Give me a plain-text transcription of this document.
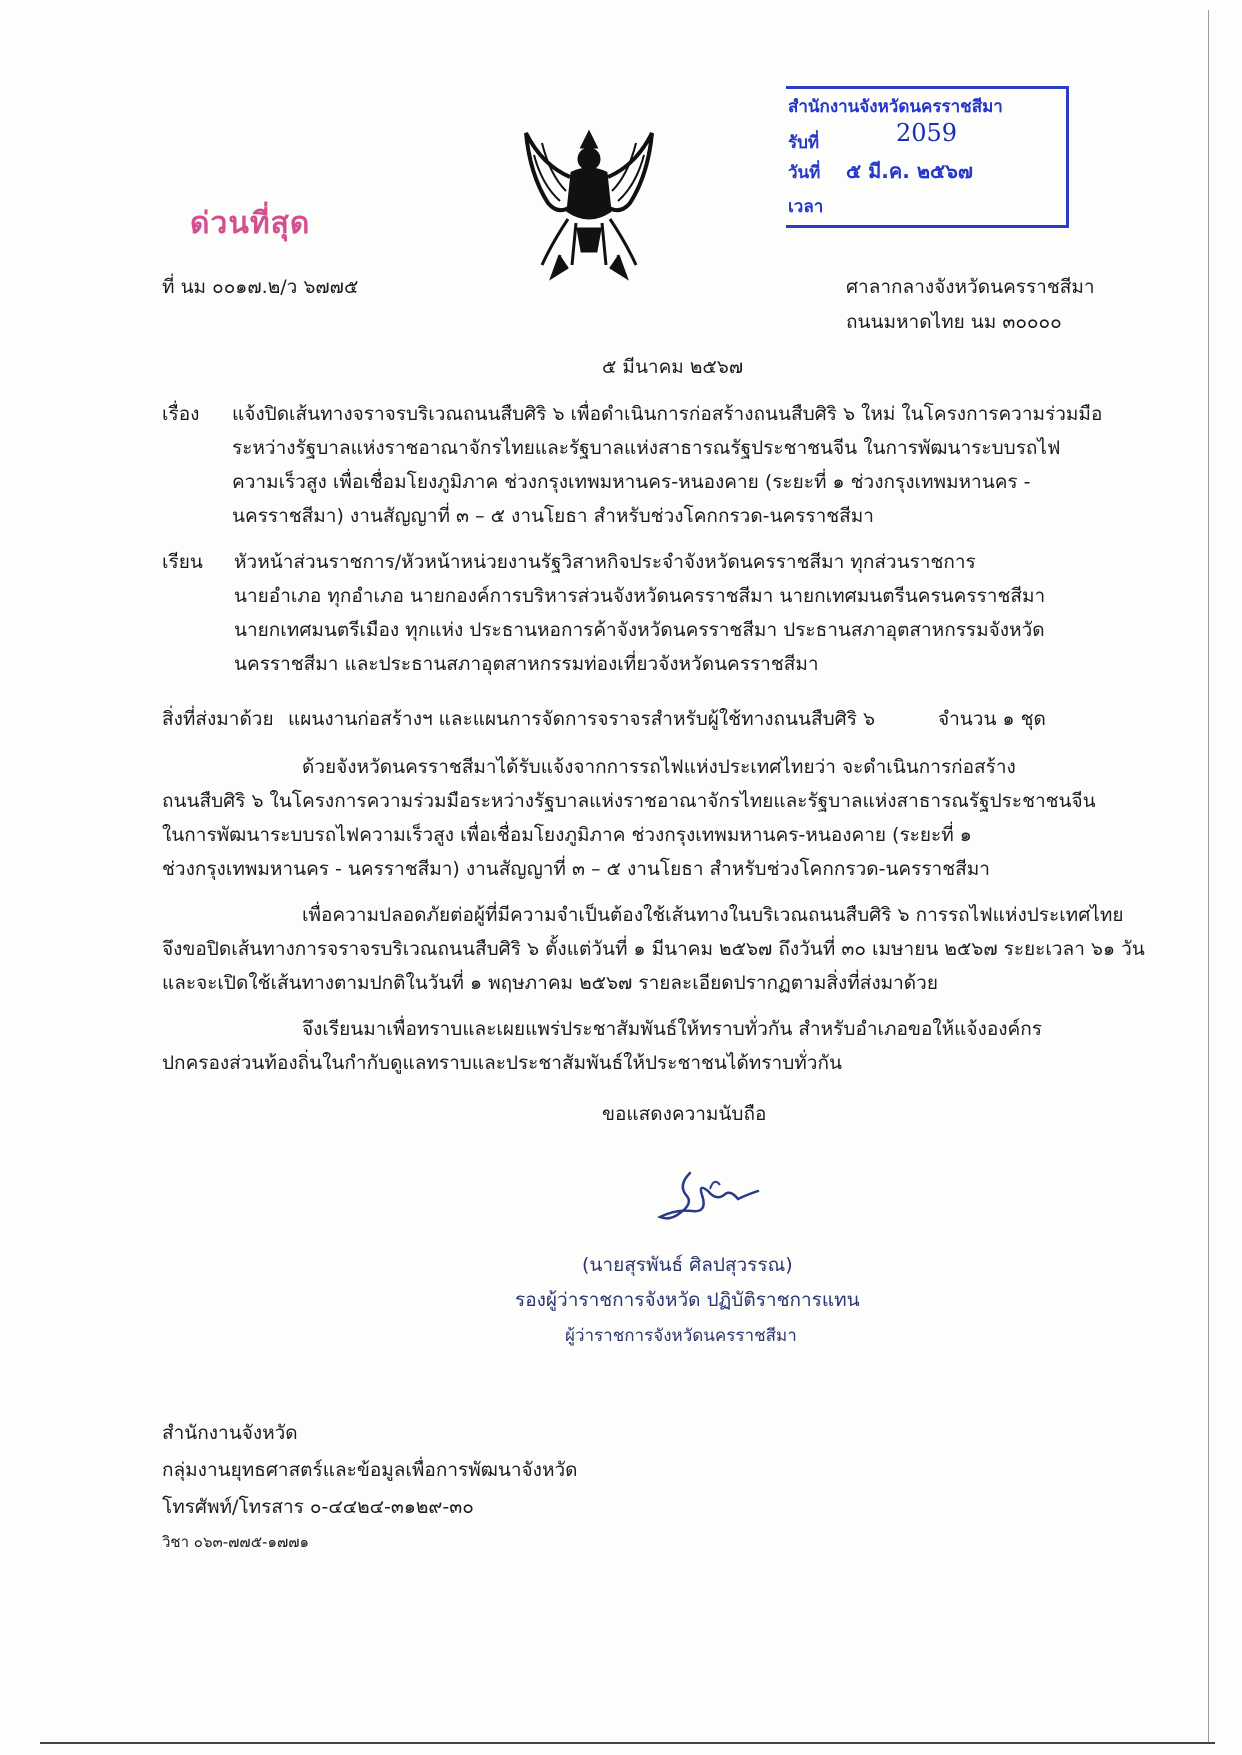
ด่วนที่สุด
สำนักงานจังหวัดนครราชสีมา
รับที่	2059
วันที่ ๕ มี.ค. ๒๕๖๗
เวลา
ที่ นม ๐๐๑๗.๒/ว ๖๗๗๕	ศาลากลางจังหวัดนครราชสีมา
ถนนมหาดไทย นม ๓๐๐๐๐
๕ มีนาคม ๒๕๖๗
เรื่อง แจ้งปิดเส้นทางจราจรบริเวณถนนสืบศิริ ๖ เพื่อดำเนินการก่อสร้างถนนสืบศิริ ๖ ใหม่ ในโครงการความร่วมมือ
ระหว่างรัฐบาลแห่งราชอาณาจักรไทยและรัฐบาลแห่งสาธารณรัฐประชาชนจีน ในการพัฒนาระบบรถไฟ
ความเร็วสูง เพื่อเชื่อมโยงภูมิภาค ช่วงกรุงเทพมหานคร-หนองคาย (ระยะที่ ๑ ช่วงกรุงเทพมหานคร -
นครราชสีมา) งานสัญญาที่ ๓ – ๕ งานโยธา สำหรับช่วงโคกกรวด-นครราชสีมา
เรียน หัวหน้าส่วนราชการ/หัวหน้าหน่วยงานรัฐวิสาหกิจประจำจังหวัดนครราชสีมา ทุกส่วนราชการ
นายอำเภอ ทุกอำเภอ นายกองค์การบริหารส่วนจังหวัดนครราชสีมา นายกเทศมนตรีนครนครราชสีมา
นายกเทศมนตรีเมือง ทุกแห่ง ประธานหอการค้าจังหวัดนครราชสีมา ประธานสภาอุตสาหกรรมจังหวัด
นครราชสีมา และประธานสภาอุตสาหกรรมท่องเที่ยวจังหวัดนครราชสีมา
สิ่งที่ส่งมาด้วย แผนงานก่อสร้างฯ และแผนการจัดการจราจรสำหรับผู้ใช้ทางถนนสืบศิริ ๖	จำนวน ๑ ชุด
ด้วยจังหวัดนครราชสีมาได้รับแจ้งจากการรถไฟแห่งประเทศไทยว่า จะดำเนินการก่อสร้าง
ถนนสืบศิริ ๖ ในโครงการความร่วมมือระหว่างรัฐบาลแห่งราชอาณาจักรไทยและรัฐบาลแห่งสาธารณรัฐประชาชนจีน
ในการพัฒนาระบบรถไฟความเร็วสูง เพื่อเชื่อมโยงภูมิภาค ช่วงกรุงเทพมหานคร-หนองคาย (ระยะที่ ๑
ช่วงกรุงเทพมหานคร - นครราชสีมา) งานสัญญาที่ ๓ – ๕ งานโยธา สำหรับช่วงโคกกรวด-นครราชสีมา
เพื่อความปลอดภัยต่อผู้ที่มีความจำเป็นต้องใช้เส้นทางในบริเวณถนนสืบศิริ ๖ การรถไฟแห่งประเทศไทย
จึงขอปิดเส้นทางการจราจรบริเวณถนนสืบศิริ ๖ ตั้งแต่วันที่ ๑ มีนาคม ๒๕๖๗ ถึงวันที่ ๓๐ เมษายน ๒๕๖๗ ระยะเวลา ๖๑ วัน
และจะเปิดใช้เส้นทางตามปกติในวันที่ ๑ พฤษภาคม ๒๕๖๗ รายละเอียดปรากฏตามสิ่งที่ส่งมาด้วย
จึงเรียนมาเพื่อทราบและเผยแพร่ประชาสัมพันธ์ให้ทราบทั่วกัน สำหรับอำเภอขอให้แจ้งองค์กร
ปกครองส่วนท้องถิ่นในกำกับดูแลทราบและประชาสัมพันธ์ให้ประชาชนได้ทราบทั่วกัน
ขอแสดงความนับถือ
(นายสุรพันธ์ ศิลปสุวรรณ)
รองผู้ว่าราชการจังหวัด ปฏิบัติราชการแทน
ผู้ว่าราชการจังหวัดนครราชสีมา
สำนักงานจังหวัด
กลุ่มงานยุทธศาสตร์และข้อมูลเพื่อการพัฒนาจังหวัด
โทรศัพท์/โทรสาร ๐-๔๔๒๔-๓๑๒๙-๓๐
วิชา ๐๖๓-๗๗๕-๑๗๗๑
